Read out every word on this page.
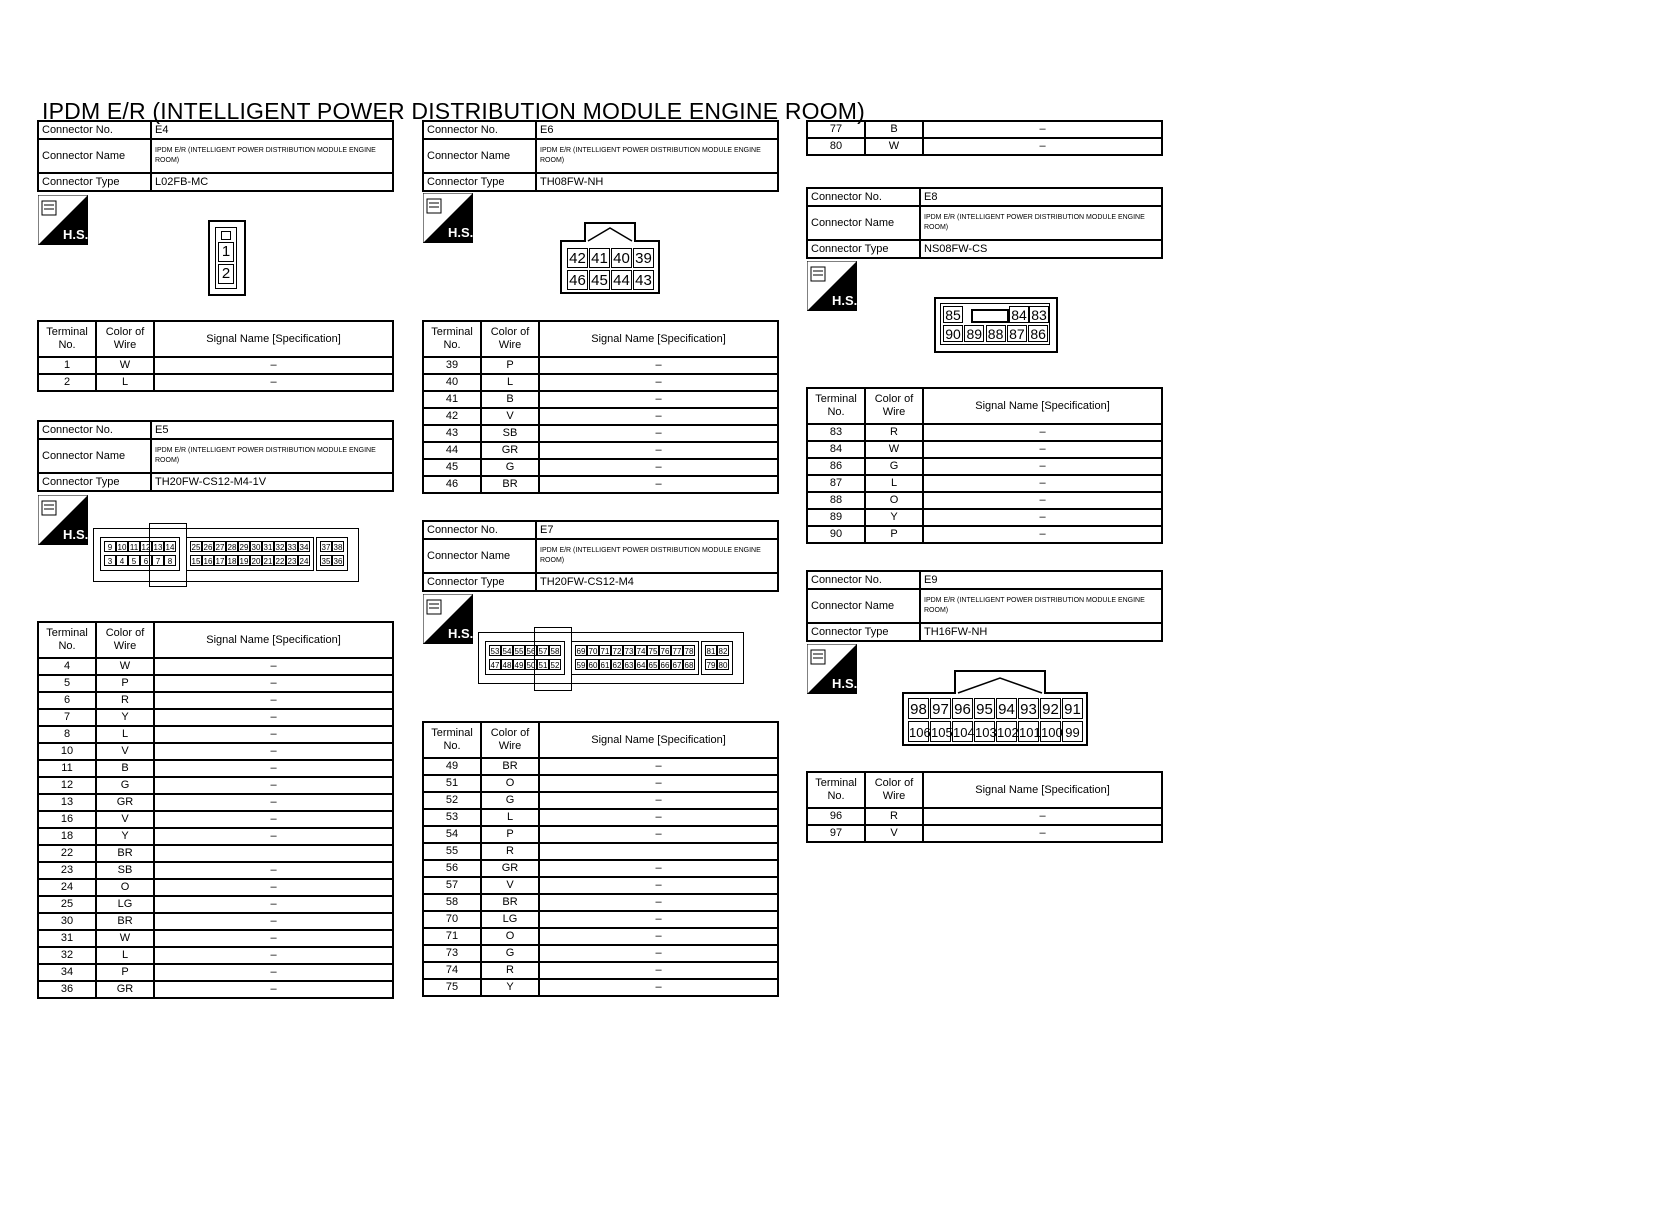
IPDM E/R (INTELLIGENT POWER DISTRIBUTION MODULE ENGINE ROOM)
Connector No.	E4
Connector Name	IPDM E/R (INTELLIGENT POWER DISTRIBUTION MODULE ENGINE ROOM)
Connector Type	L02FB-MC
H.S.
1
2
Terminal No.	Color of Wire	Signal Name [Specification]
1	W	–
2	L	–
Connector No.	E5
Connector Name	IPDM E/R (INTELLIGENT POWER DISTRIBUTION MODULE ENGINE ROOM)
Connector Type	TH20FW-CS12-M4-1V
H.S.
9
3
10
4
11
5
12
6
13
7
14
8
25
15
26
16
27
17
28
18
29
19
30
20
31
21
32
22
33
23
34
24
37
35
38
36
Terminal No.	Color of Wire	Signal Name [Specification]
4	W	–
5	P	–
6	R	–
7	Y	–
8	L	–
10	V	–
11	B	–
12	G	–
13	GR	–
16	V	–
18	Y	–
22	BR	
23	SB	–
24	O	–
25	LG	–
30	BR	–
31	W	–
32	L	–
34	P	–
36	GR	–
Connector No.	E6
Connector Name	IPDM E/R (INTELLIGENT POWER DISTRIBUTION MODULE ENGINE ROOM)
Connector Type	TH08FW-NH
H.S.
42
46
41
45
40
44
39
43
Terminal No.	Color of Wire	Signal Name [Specification]
39	P	–
40	L	–
41	B	–
42	V	–
43	SB	–
44	GR	–
45	G	–
46	BR	–
Connector No.	E7
Connector Name	IPDM E/R (INTELLIGENT POWER DISTRIBUTION MODULE ENGINE ROOM)
Connector Type	TH20FW-CS12-M4
H.S.
53
47
54
48
55
49
56
50
57
51
58
52
69
59
70
60
71
61
72
62
73
63
74
64
75
65
76
66
77
67
78
68
81
79
82
80
Terminal No.	Color of Wire	Signal Name [Specification]
49	BR	–
51	O	–
52	G	–
53	L	–
54	P	–
55	R	
56	GR	–
57	V	–
58	BR	–
70	LG	–
71	O	–
73	G	–
74	R	–
75	Y	–
77	B	–
80	W	–
Connector No.	E8
Connector Name	IPDM E/R (INTELLIGENT POWER DISTRIBUTION MODULE ENGINE ROOM)
Connector Type	NS08FW-CS
H.S.
85	84 83
90 89 88 87 86
Terminal No.	Color of Wire	Signal Name [Specification]
83	R	–
84	W	–
86	G	–
87	L	–
88	O	–
89	Y	–
90	P	–
Connector No.	E9
Connector Name	IPDM E/R (INTELLIGENT POWER DISTRIBUTION MODULE ENGINE ROOM)
Connector Type	TH16FW-NH
H.S.
98
106
97
105
96
104
95
103
94
102
93
101
92
100
91
99
Terminal No.	Color of Wire	Signal Name [Specification]
96	R	–
97	V	–
